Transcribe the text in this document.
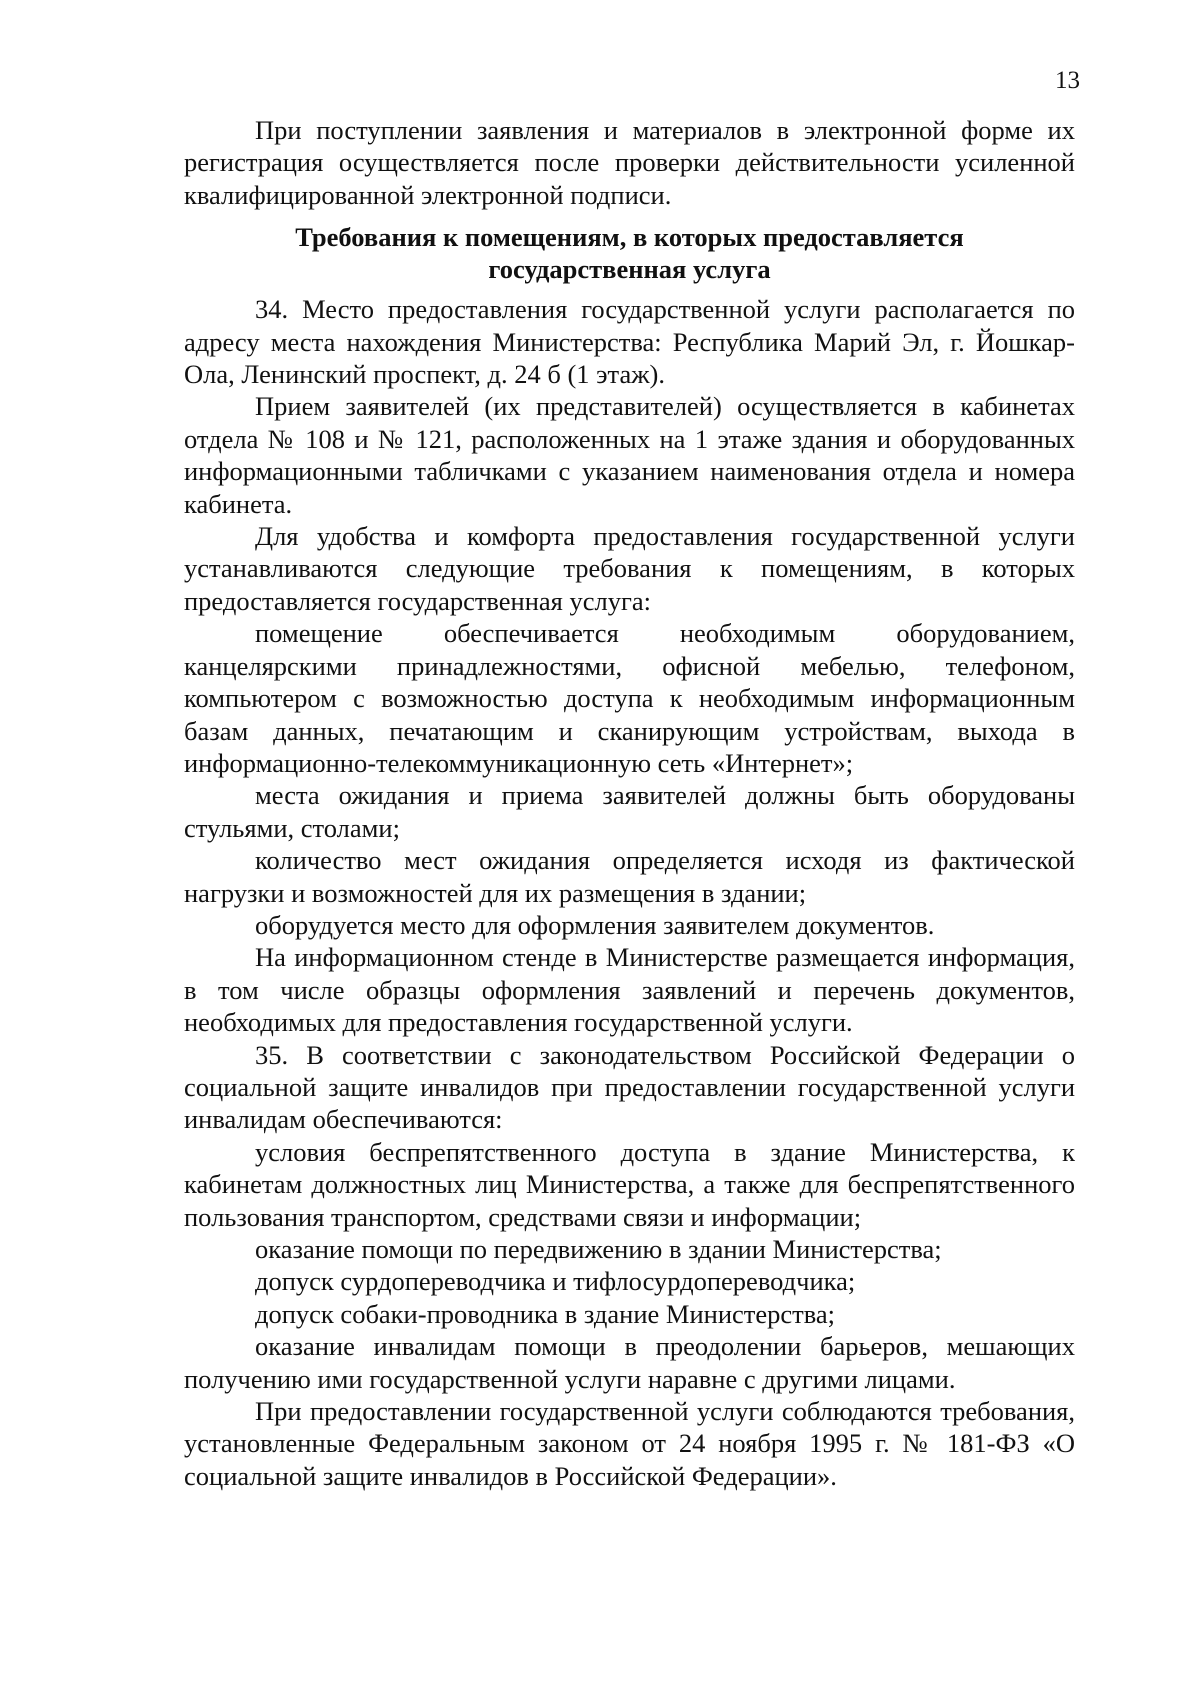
13

При поступлении заявления и материалов в электронной форме их регистрация осуществляется после проверки действительности усиленной квалифицированной электронной подписи.

Требования к помещениям, в которых предоставляется
государственная услуга

34. Место предоставления государственной услуги располагается по адресу места нахождения Министерства: Республика Марий Эл, г. Йошкар-Ола, Ленинский проспект, д. 24 б (1 этаж).

Прием заявителей (их представителей) осуществляется в кабинетах отдела № 108 и № 121, расположенных на 1 этаже здания и оборудованных информационными табличками с указанием наименования отдела и номера кабинета.

Для удобства и комфорта предоставления государственной услуги устанавливаются следующие требования к помещениям, в которых предоставляется государственная услуга:

помещение обеспечивается необходимым оборудованием, канцелярскими принадлежностями, офисной мебелью, телефоном, компьютером с возможностью доступа к необходимым информационным базам данных, печатающим и сканирующим устройствам, выхода в информационно-телекоммуникационную сеть «Интернет»;

места ожидания и приема заявителей должны быть оборудованы стульями, столами;

количество мест ожидания определяется исходя из фактической нагрузки и возможностей для их размещения в здании;

оборудуется место для оформления заявителем документов.

На информационном стенде в Министерстве размещается информация, в том числе образцы оформления заявлений и перечень документов, необходимых для предоставления государственной услуги.

35. В соответствии с законодательством Российской Федерации о социальной защите инвалидов при предоставлении государственной услуги инвалидам обеспечиваются:

условия беспрепятственного доступа в здание Министерства, к кабинетам должностных лиц Министерства, а также для беспрепятственного пользования транспортом, средствами связи и информации;

оказание помощи по передвижению в здании Министерства;

допуск сурдопереводчика и тифлосурдопереводчика;

допуск собаки-проводника в здание Министерства;

оказание инвалидам помощи в преодолении барьеров, мешающих получению ими государственной услуги наравне с другими лицами.

При предоставлении государственной услуги соблюдаются требования, установленные Федеральным законом от 24 ноября 1995 г. № 181-ФЗ «О социальной защите инвалидов в Российской Федерации».
